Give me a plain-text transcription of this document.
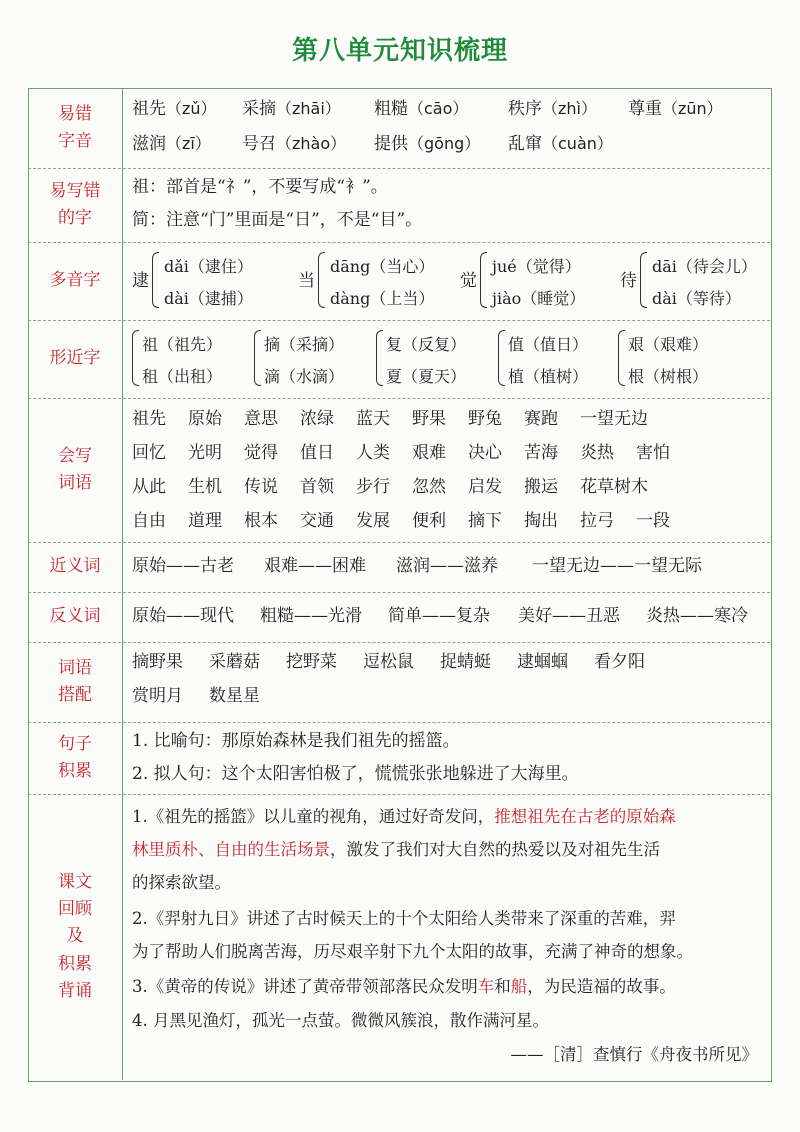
第八单元知识梳理
易错
字音
祖先（zǔ） 采摘（zhāi） 粗糙（cāo） 秩序（zhì） 尊重（zūn）
滋润（zī） 号召（zhào） 提供（gōng） 乱窜（cuàn）
易写错
的字
祖：部首是“礻”，不要写成“衤”。
简：注意“门”里面是“日”，不是“目”。
多音字 逮
dǎi（逮住）
dài（逮捕）
当
dāng（当心）
dàng（上当）
觉
jué（觉得）
jiào（睡觉）
待
dāi（待会儿）
dài（等待）
形近字
祖（祖先）
租（出租）
摘（采摘）
滴（水滴）
复（反复）
夏（夏天）
值（值日）
植（植树）
艰（艰难）
根（树根）
会写
词语
祖先 原始 意思 浓绿 蓝天 野果 野兔 赛跑 一望无边
回忆 光明 觉得 值日 人类 艰难 决心 苦海 炎热 害怕
从此 生机 传说 首领 步行 忽然 启发 搬运 花草树木
自由 道理 根本 交通 发展 便利 摘下 掏出 拉弓 一段
近义词 原始——古老 艰难——困难 滋润——滋养 一望无边——一望无际
反义词 原始——现代 粗糙——光滑 简单——复杂 美好——丑恶 炎热——寒冷
词语
搭配
摘野果 采蘑菇 挖野菜 逗松鼠 捉蜻蜓 逮蝈蝈 看夕阳
赏明月 数星星
句子
积累
1. 比喻句：那原始森林是我们祖先的摇篮。
2. 拟人句：这个太阳害怕极了，慌慌张张地躲进了大海里。
课文
回顾
及
积累
背诵
1.《祖先的摇篮》以儿童的视角，通过好奇发问，推想祖先在古老的原始森
林里质朴、自由的生活场景，激发了我们对大自然的热爱以及对祖先生活
的探索欲望。
2.《羿射九日》讲述了古时候天上的十个太阳给人类带来了深重的苦难，羿
为了帮助人们脱离苦海，历尽艰辛射下九个太阳的故事，充满了神奇的想象。
3.《黄帝的传说》讲述了黄帝带领部落民众发明车和船，为民造福的故事。
4. 月黑见渔灯，孤光一点萤。微微风簇浪，散作满河星。
——［清］查慎行《舟夜书所见》
